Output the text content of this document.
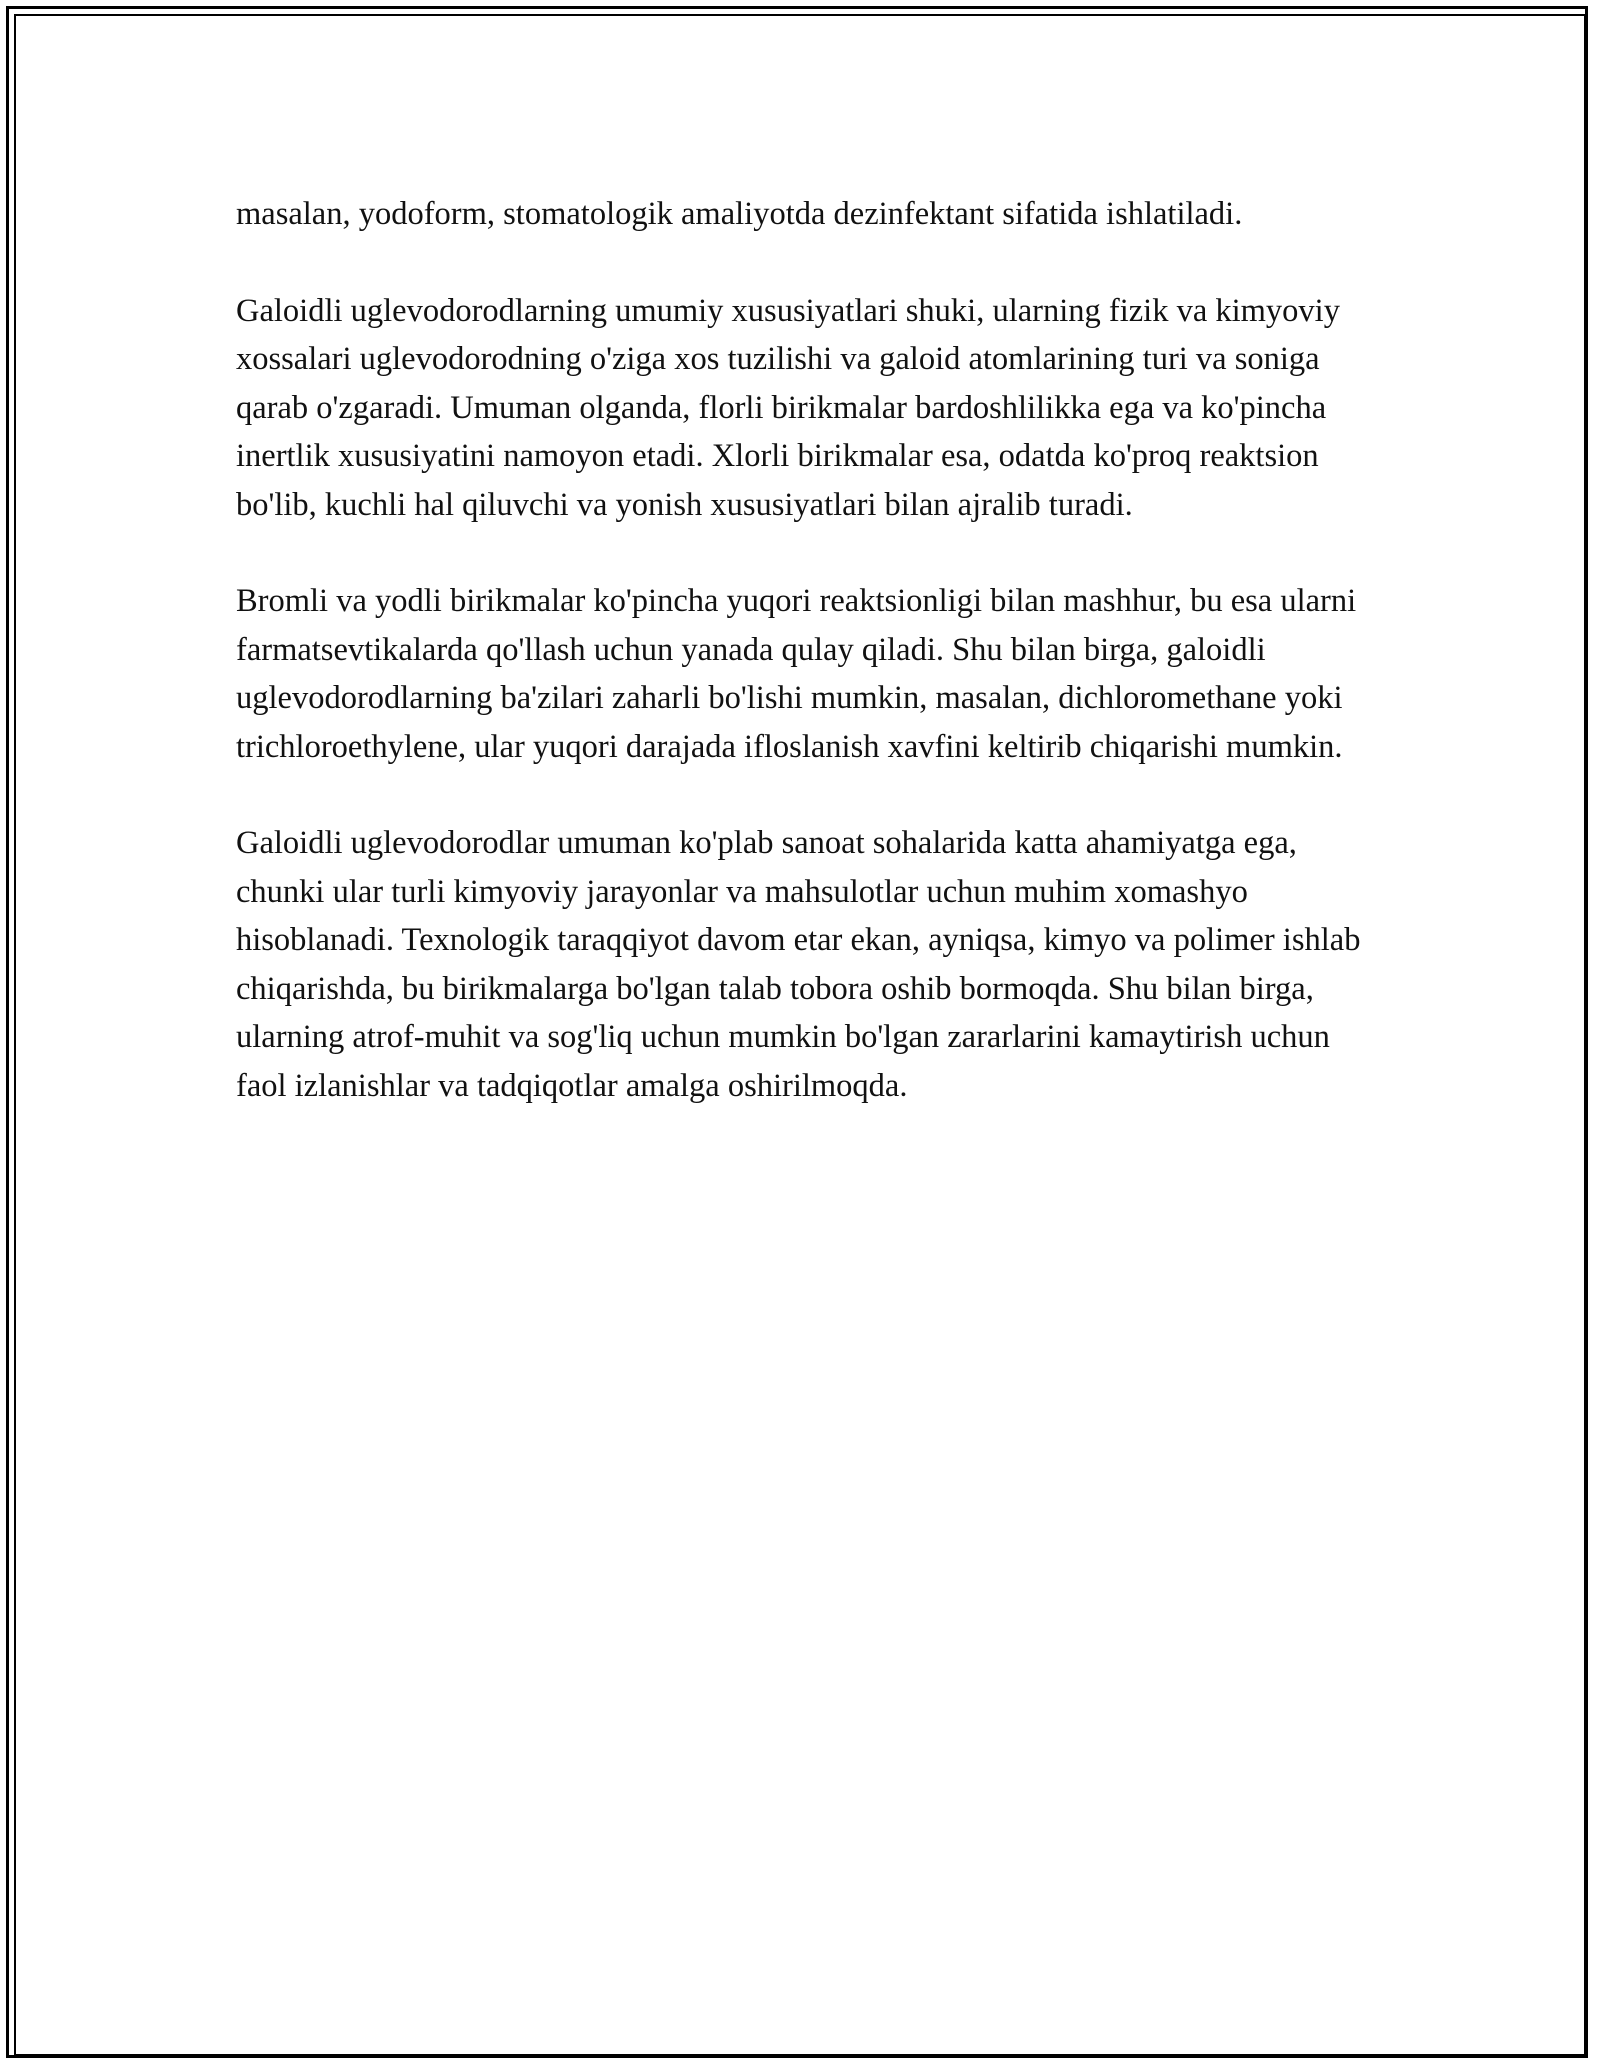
masalan, yodoform, stomatologik amaliyotda dezinfektant sifatida ishlatiladi.

Galoidli uglevodorodlarning umumiy xususiyatlari shuki, ularning fizik va kimyoviy xossalari uglevodorodning o'ziga xos tuzilishi va galoid atomlarining turi va soniga qarab o'zgaradi. Umuman olganda, florli birikmalar bardoshlilikka ega va ko'pincha inertlik xususiyatini namoyon etadi. Xlorli birikmalar esa, odatda ko'proq reaktsion bo'lib, kuchli hal qiluvchi va yonish xususiyatlari bilan ajralib turadi.

Bromli va yodli birikmalar ko'pincha yuqori reaktsionligi bilan mashhur, bu esa ularni farmatsevtikalarda qo'llash uchun yanada qulay qiladi. Shu bilan birga, galoidli uglevodorodlarning ba'zilari zaharli bo'lishi mumkin, masalan, dichloromethane yoki trichloroethylene, ular yuqori darajada ifloslanish xavfini keltirib chiqarishi mumkin.

Galoidli uglevodorodlar umuman ko'plab sanoat sohalarida katta ahamiyatga ega, chunki ular turli kimyoviy jarayonlar va mahsulotlar uchun muhim xomashyo hisoblanadi. Texnologik taraqqiyot davom etar ekan, ayniqsa, kimyo va polimer ishlab chiqarishda, bu birikmalarga bo'lgan talab tobora oshib bormoqda. Shu bilan birga, ularning atrof-muhit va sog'liq uchun mumkin bo'lgan zararlarini kamaytirish uchun faol izlanishlar va tadqiqotlar amalga oshirilmoqda.
